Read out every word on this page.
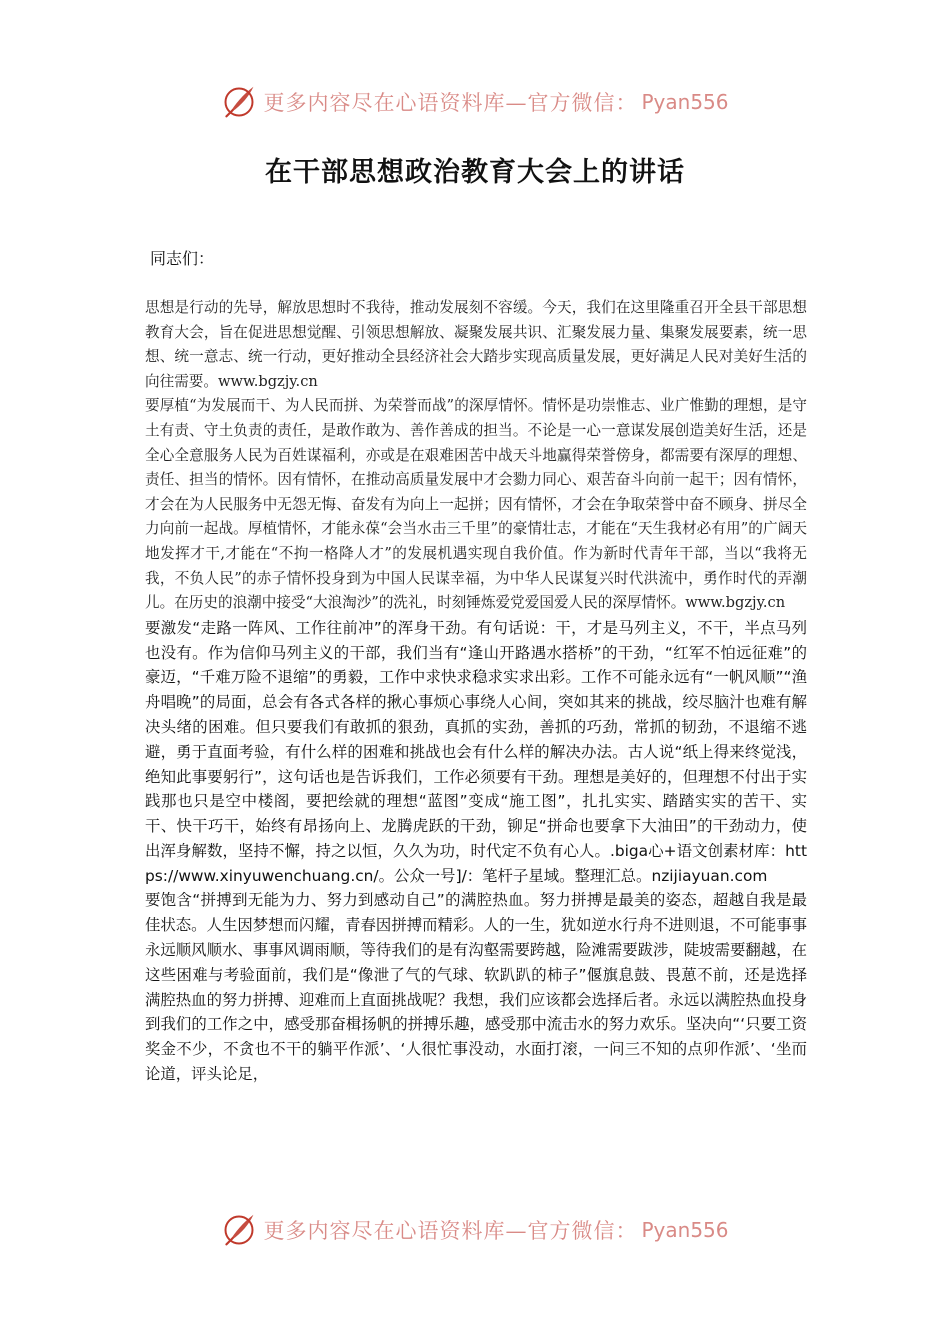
更多内容尽在心语资料库—官方微信： Pyan556
在干部思想政治教育大会上的讲话
同志们：

思想是行动的先导，解放思想时不我待，推动发展刻不容缓。今天，我们在这里隆重召开全县干部思想教育大会，旨在促进思想觉醒、引领思想解放、凝聚发展共识、汇聚发展力量、集聚发展要素，统一思想、统一意志、统一行动，更好推动全县经济社会大踏步实现高质量发展，更好满足人民对美好生活的向往需要。www.bgzjy.cn

要厚植“为发展而干、为人民而拼、为荣誉而战”的深厚情怀。情怀是功崇惟志、业广惟勤的理想，是守土有责、守土负责的责任，是敢作敢为、善作善成的担当。不论是一心一意谋发展创造美好生活，还是全心全意服务人民为百姓谋福利，亦或是在艰难困苦中战天斗地赢得荣誉傍身，都需要有深厚的理想、责任、担当的情怀。因有情怀，在推动高质量发展中才会勠力同心、艰苦奋斗向前一起干；因有情怀，才会在为人民服务中无怨无悔、奋发有为向上一起拼；因有情怀，才会在争取荣誉中奋不顾身、拼尽全力向前一起战。厚植情怀，才能永葆“会当水击三千里”的豪情壮志，才能在“天生我材必有用”的广阔天地发挥才干,才能在“不拘一格降人才”的发展机遇实现自我价值。作为新时代青年干部，当以“我将无我，不负人民”的赤子情怀投身到为中国人民谋幸福，为中华人民谋复兴时代洪流中，勇作时代的弄潮儿。在历史的浪潮中接受“大浪淘沙”的洗礼，时刻锤炼爱党爱国爱人民的深厚情怀。www.bgzjy.cn

要激发“走路一阵风、工作往前冲”的浑身干劲。有句话说：干，才是马列主义，不干，半点马列也没有。作为信仰马列主义的干部，我们当有“逢山开路遇水搭桥”的干劲，“红军不怕远征难”的豪迈，“千难万险不退缩”的勇毅，工作中求快求稳求实求出彩。工作不可能永远有“一帆风顺”“渔舟唱晚”的局面，总会有各式各样的揪心事烦心事绕人心间，突如其来的挑战，绞尽脑汁也难有解决头绪的困难。但只要我们有敢抓的狠劲，真抓的实劲，善抓的巧劲，常抓的韧劲，不退缩不逃避，勇于直面考验，有什么样的困难和挑战也会有什么样的解决办法。古人说“纸上得来终觉浅，绝知此事要躬行”，这句话也是告诉我们，工作必须要有干劲。理想是美好的，但理想不付出于实践那也只是空中楼阁，要把绘就的理想“蓝图”变成“施工图”，扎扎实实、踏踏实实的苦干、实干、快干巧干，始终有昂扬向上、龙腾虎跃的干劲，铆足“拼命也要拿下大油田”的干劲动力，使出浑身解数，坚持不懈，持之以恒，久久为功，时代定不负有心人。.biga心+语文创素材库：https://www.xinyuwenchuang.cn/。公众一号]/：笔杆子星域。整理汇总。nzijiayuan.com

要饱含“拼搏到无能为力、努力到感动自己”的满腔热血。努力拼搏是最美的姿态，超越自我是最佳状态。人生因梦想而闪耀，青春因拼搏而精彩。人的一生，犹如逆水行舟不进则退，不可能事事永远顺风顺水、事事风调雨顺，等待我们的是有沟壑需要跨越，险滩需要跋涉，陡坡需要翻越，在这些困难与考验面前，我们是“像泄了气的气球、软趴趴的柿子”偃旗息鼓、畏葸不前，还是选择满腔热血的努力拼搏、迎难而上直面挑战呢？我想，我们应该都会选择后者。永远以满腔热血投身到我们的工作之中，感受那奋楫扬帆的拼搏乐趣，感受那中流击水的努力欢乐。坚决向“‘只要工资奖金不少，不贪也不干的躺平作派’、‘人很忙事没动，水面打滚，一问三不知的点卯作派’、‘坐而论道，评头论足，

更多内容尽在心语资料库—官方微信： Pyan556
